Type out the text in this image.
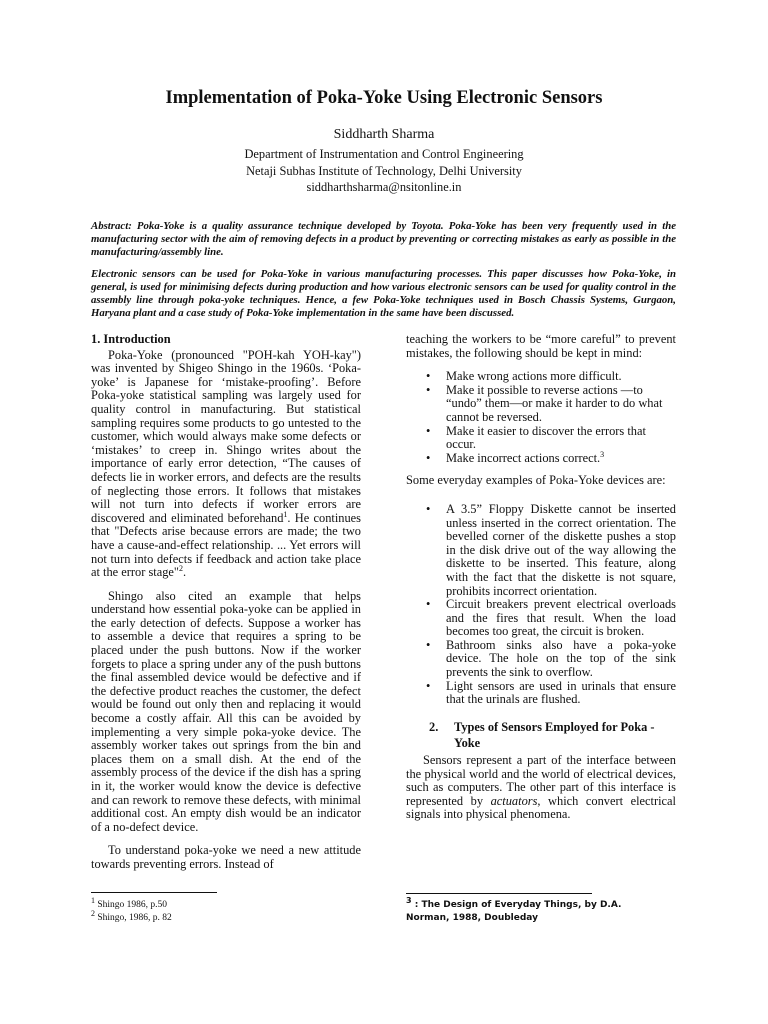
Implementation of Poka-Yoke Using Electronic Sensors
Siddharth Sharma
Department of Instrumentation and Control Engineering
Netaji Subhas Institute of Technology, Delhi University
siddharthsharma@nsitonline.in

Abstract: Poka-Yoke is a quality assurance technique developed by Toyota. Poka-Yoke has been very frequently used in the manufacturing sector with the aim of removing defects in a product by preventing or correcting mistakes as early as possible in the manufacturing/assembly line.

Electronic sensors can be used for Poka-Yoke in various manufacturing processes. This paper discusses how Poka-Yoke, in general, is used for minimising defects during production and how various electronic sensors can be used for quality control in the assembly line through poka-yoke techniques. Hence, a few Poka-Yoke techniques used in Bosch Chassis Systems, Gurgaon, Haryana plant and a case study of Poka-Yoke implementation in the same have been discussed.

1. Introduction

Poka-Yoke (pronounced "POH-kah YOH-kay") was invented by Shigeo Shingo in the 1960s. ‘Poka-yoke’ is Japanese for ‘mistake-proofing’. Before Poka-yoke statistical sampling was largely used for quality control in manufacturing. But statistical sampling requires some products to go untested to the customer, which would always make some defects or ‘mistakes’ to creep in. Shingo writes about the importance of early error detection, “The causes of defects lie in worker errors, and defects are the results of neglecting those errors. It follows that mistakes will not turn into defects if worker errors are discovered and eliminated beforehand$^1$. He continues that "Defects arise because errors are made; the two have a cause-and-effect relationship. ... Yet errors will not turn into defects if feedback and action take place at the error stage"$^2$.

Shingo also cited an example that helps understand how essential poka-yoke can be applied in the early detection of defects. Suppose a worker has to assemble a device that requires a spring to be placed under the push buttons. Now if the worker forgets to place a spring under any of the push buttons the final assembled device would be defective and if the defective product reaches the customer, the defect would be found out only then and replacing it would become a costly affair. All this can be avoided by implementing a very simple poka-yoke device. The assembly worker takes out springs from the bin and places them on a small dish. At the end of the assembly process of the device if the dish has a spring in it, the worker would know the device is defective and can rework to remove these defects, with minimal additional cost. An empty dish would be an indicator of a no-defect device.

To understand poka-yoke we need a new attitude towards preventing errors. Instead of

$^1$ Shingo 1986, p.50
$^2$ Shingo, 1986, p. 82

teaching the workers to be “more careful” to prevent mistakes, the following should be kept in mind:

• Make wrong actions more difficult.
• Make it possible to reverse actions —to “undo” them—or make it harder to do what cannot be reversed.
• Make it easier to discover the errors that occur.
• Make incorrect actions correct.$^3$

Some everyday examples of Poka-Yoke devices are:

• A 3.5” Floppy Diskette cannot be inserted unless inserted in the correct orientation. The bevelled corner of the diskette pushes a stop in the disk drive out of the way allowing the diskette to be inserted. This feature, along with the fact that the diskette is not square, prohibits incorrect orientation.
• Circuit breakers prevent electrical overloads and the fires that result. When the load becomes too great, the circuit is broken.
• Bathroom sinks also have a poka-yoke device. The hole on the top of the sink prevents the sink to overflow.
• Light sensors are used in urinals that ensure that the urinals are flushed.
2. Types of Sensors Employed for Poka -
Yoke

Sensors represent a part of the interface between the physical world and the world of electrical devices, such as computers. The other part of this interface is represented by actuators, which convert electrical signals into physical phenomena.

$^3$ : The Design of Everyday Things, by D.A. Norman, 1988, Doubleday
